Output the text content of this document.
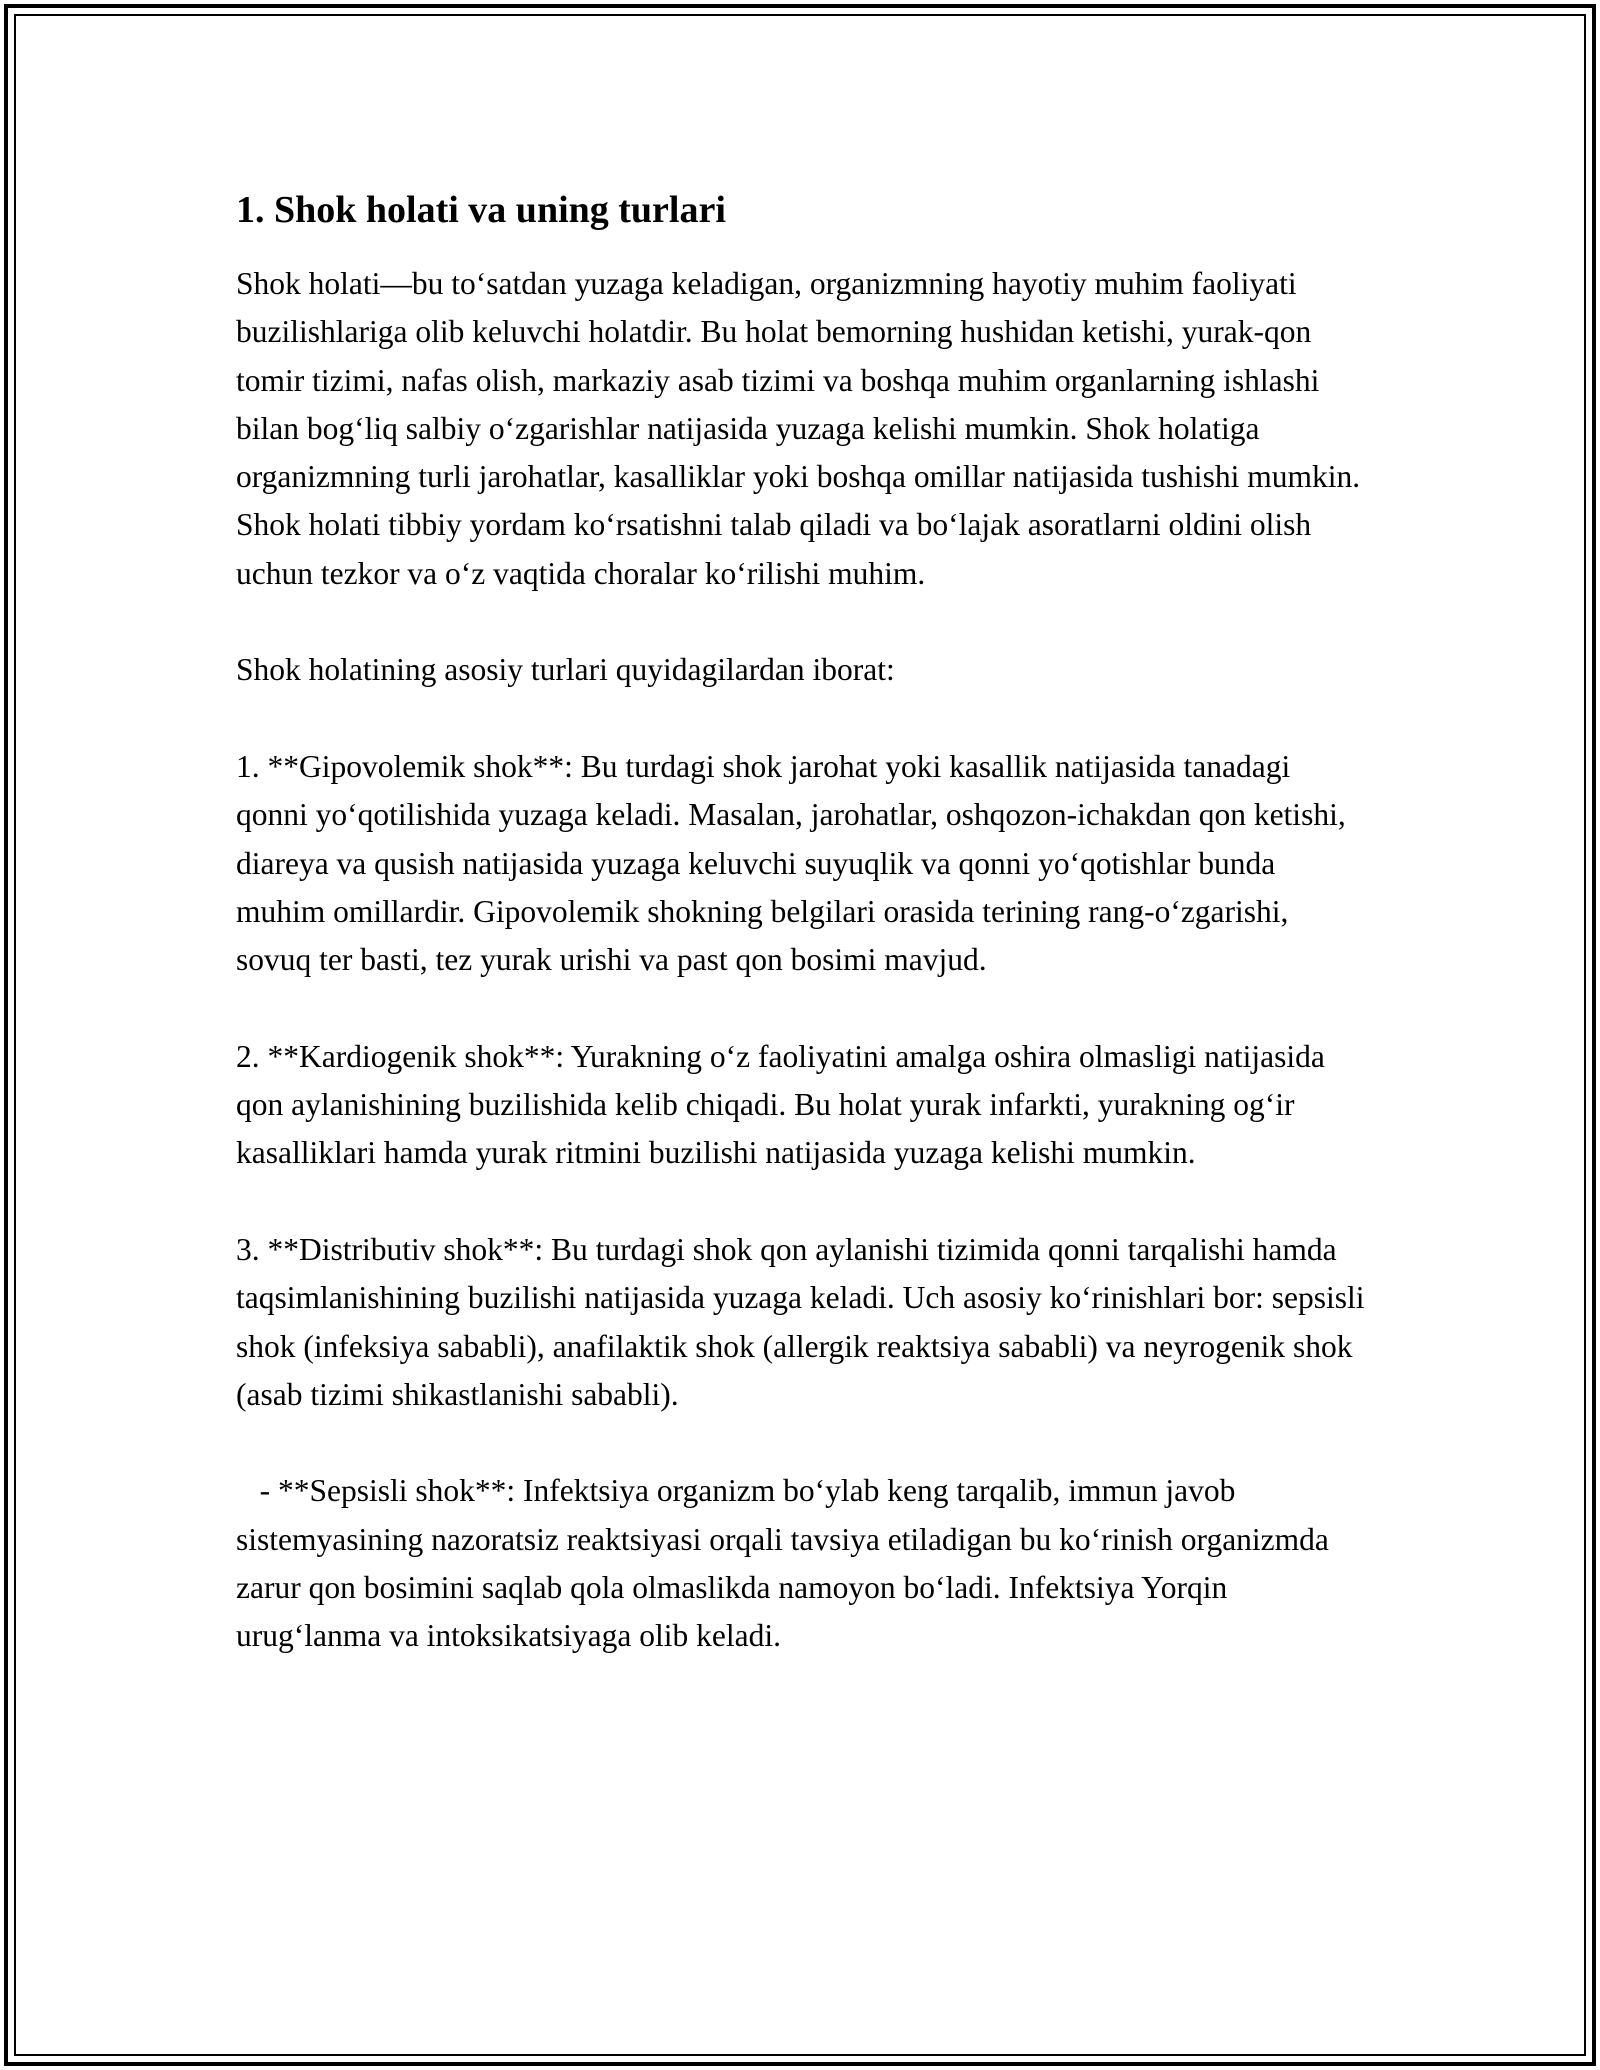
1. Shok holati va uning turlari

Shok holati—bu to‘satdan yuzaga keladigan, organizmning hayotiy muhim faoliyati buzilishlariga olib keluvchi holatdir. Bu holat bemorning hushidan ketishi, yurak-qon tomir tizimi, nafas olish, markaziy asab tizimi va boshqa muhim organlarning ishlashi bilan bog‘liq salbiy o‘zgarishlar natijasida yuzaga kelishi mumkin. Shok holatiga organizmning turli jarohatlar, kasalliklar yoki boshqa omillar natijasida tushishi mumkin. Shok holati tibbiy yordam ko‘rsatishni talab qiladi va bo‘lajak asoratlarni oldini olish uchun tezkor va o‘z vaqtida choralar ko‘rilishi muhim.

Shok holatining asosiy turlari quyidagilardan iborat:

1. **Gipovolemik shok**: Bu turdagi shok jarohat yoki kasallik natijasida tanadagi qonni yo‘qotilishida yuzaga keladi. Masalan, jarohatlar, oshqozon-ichakdan qon ketishi, diareya va qusish natijasida yuzaga keluvchi suyuqlik va qonni yo‘qotishlar bunda muhim omillardir. Gipovolemik shokning belgilari orasida terining rang-o‘zgarishi, sovuq ter basti, tez yurak urishi va past qon bosimi mavjud.

2. **Kardiogenik shok**: Yurakning o‘z faoliyatini amalga oshira olmasligi natijasida qon aylanishining buzilishida kelib chiqadi. Bu holat yurak infarkti, yurakning og‘ir kasalliklari hamda yurak ritmini buzilishi natijasida yuzaga kelishi mumkin.

3. **Distributiv shok**: Bu turdagi shok qon aylanishi tizimida qonni tarqalishi hamda taqsimlanishining buzilishi natijasida yuzaga keladi. Uch asosiy ko‘rinishlari bor: sepsisli shok (infeksiya sababli), anafilaktik shok (allergik reaktsiya sababli) va neyrogenik shok (asab tizimi shikastlanishi sababli).

- **Sepsisli shok**: Infektsiya organizm bo‘ylab keng tarqalib, immun javob sistemyasining nazoratsiz reaktsiyasi orqali tavsiya etiladigan bu ko‘rinish organizmda zarur qon bosimini saqlab qola olmaslikda namoyon bo‘ladi. Infektsiya Yorqin urug‘lanma va intoksikatsiyaga olib keladi.
